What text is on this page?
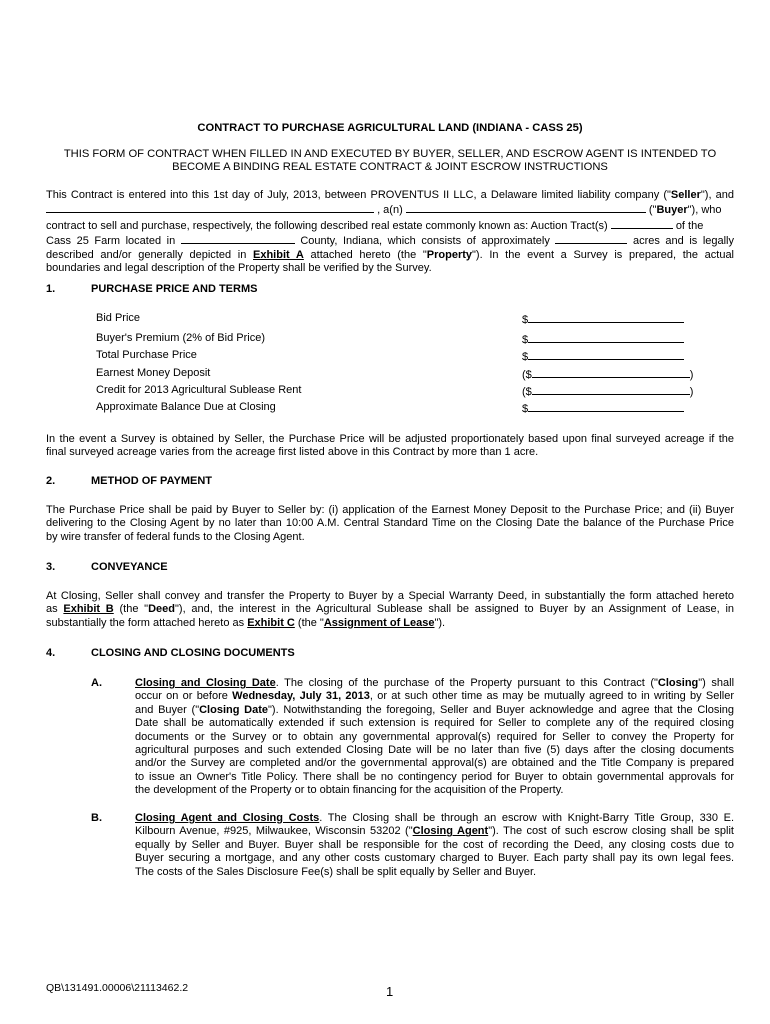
CONTRACT TO PURCHASE AGRICULTURAL LAND (INDIANA - CASS 25)
THIS FORM OF CONTRACT WHEN FILLED IN AND EXECUTED BY BUYER, SELLER, AND ESCROW AGENT IS INTENDED TO
BECOME A BINDING REAL ESTATE CONTRACT & JOINT ESCROW INSTRUCTIONS
This Contract is entered into this 1st day of July, 2013, between PROVENTUS II LLC, a Delaware limited liability company ("Seller"), and
, a(n)	("Buyer"), who
contract to sell and purchase, respectively, the following described real estate commonly known as: Auction Tract(s)	of the
Cass 25 Farm located in	County, Indiana, which consists of approximately	acres and is legally
described and/or generally depicted in Exhibit A attached hereto (the "Property"). In the event a Survey is prepared, the actual
boundaries and legal description of the Property shall be verified by the Survey.
1.	PURCHASE PRICE AND TERMS
Bid Price	$
Buyer's Premium (2% of Bid Price)	$
Total Purchase Price	$
Earnest Money Deposit	($	)
Credit for 2013 Agricultural Sublease Rent	($	)
Approximate Balance Due at Closing	$
In the event a Survey is obtained by Seller, the Purchase Price will be adjusted proportionately based upon final surveyed acreage if the
final surveyed acreage varies from the acreage first listed above in this Contract by more than 1 acre.
2.	METHOD OF PAYMENT
The Purchase Price shall be paid by Buyer to Seller by: (i) application of the Earnest Money Deposit to the Purchase Price; and (ii) Buyer
delivering to the Closing Agent by no later than 10:00 A.M. Central Standard Time on the Closing Date the balance of the Purchase Price
by wire transfer of federal funds to the Closing Agent.
3.	CONVEYANCE
At Closing, Seller shall convey and transfer the Property to Buyer by a Special Warranty Deed, in substantially the form attached hereto
as Exhibit B (the "Deed"), and, the interest in the Agricultural Sublease shall be assigned to Buyer by an Assignment of Lease, in
substantially the form attached hereto as Exhibit C (the "Assignment of Lease").
4.	CLOSING AND CLOSING DOCUMENTS
A.	Closing and Closing Date. The closing of the purchase of the Property pursuant to this Contract ("Closing") shall
occur on or before Wednesday, July 31, 2013, or at such other time as may be mutually agreed to in writing by Seller
and Buyer ("Closing Date"). Notwithstanding the foregoing, Seller and Buyer acknowledge and agree that the Closing
Date shall be automatically extended if such extension is required for Seller to complete any of the required closing
documents or the Survey or to obtain any governmental approval(s) required for Seller to convey the Property for
agricultural purposes and such extended Closing Date will be no later than five (5) days after the closing documents
and/or the Survey are completed and/or the governmental approval(s) are obtained and the Title Company is prepared
to issue an Owner's Title Policy. There shall be no contingency period for Buyer to obtain governmental approvals for
the development of the Property or to obtain financing for the acquisition of the Property.
B.	Closing Agent and Closing Costs. The Closing shall be through an escrow with Knight-Barry Title Group, 330 E.
Kilbourn Avenue, #925, Milwaukee, Wisconsin 53202 ("Closing Agent"). The cost of such escrow closing shall be split
equally by Seller and Buyer. Buyer shall be responsible for the cost of recording the Deed, any closing costs due to
Buyer securing a mortgage, and any other costs customary charged to Buyer. Each party shall pay its own legal fees.
The costs of the Sales Disclosure Fee(s) shall be split equally by Seller and Buyer.
QB\131491.00006\21113462.2	1
